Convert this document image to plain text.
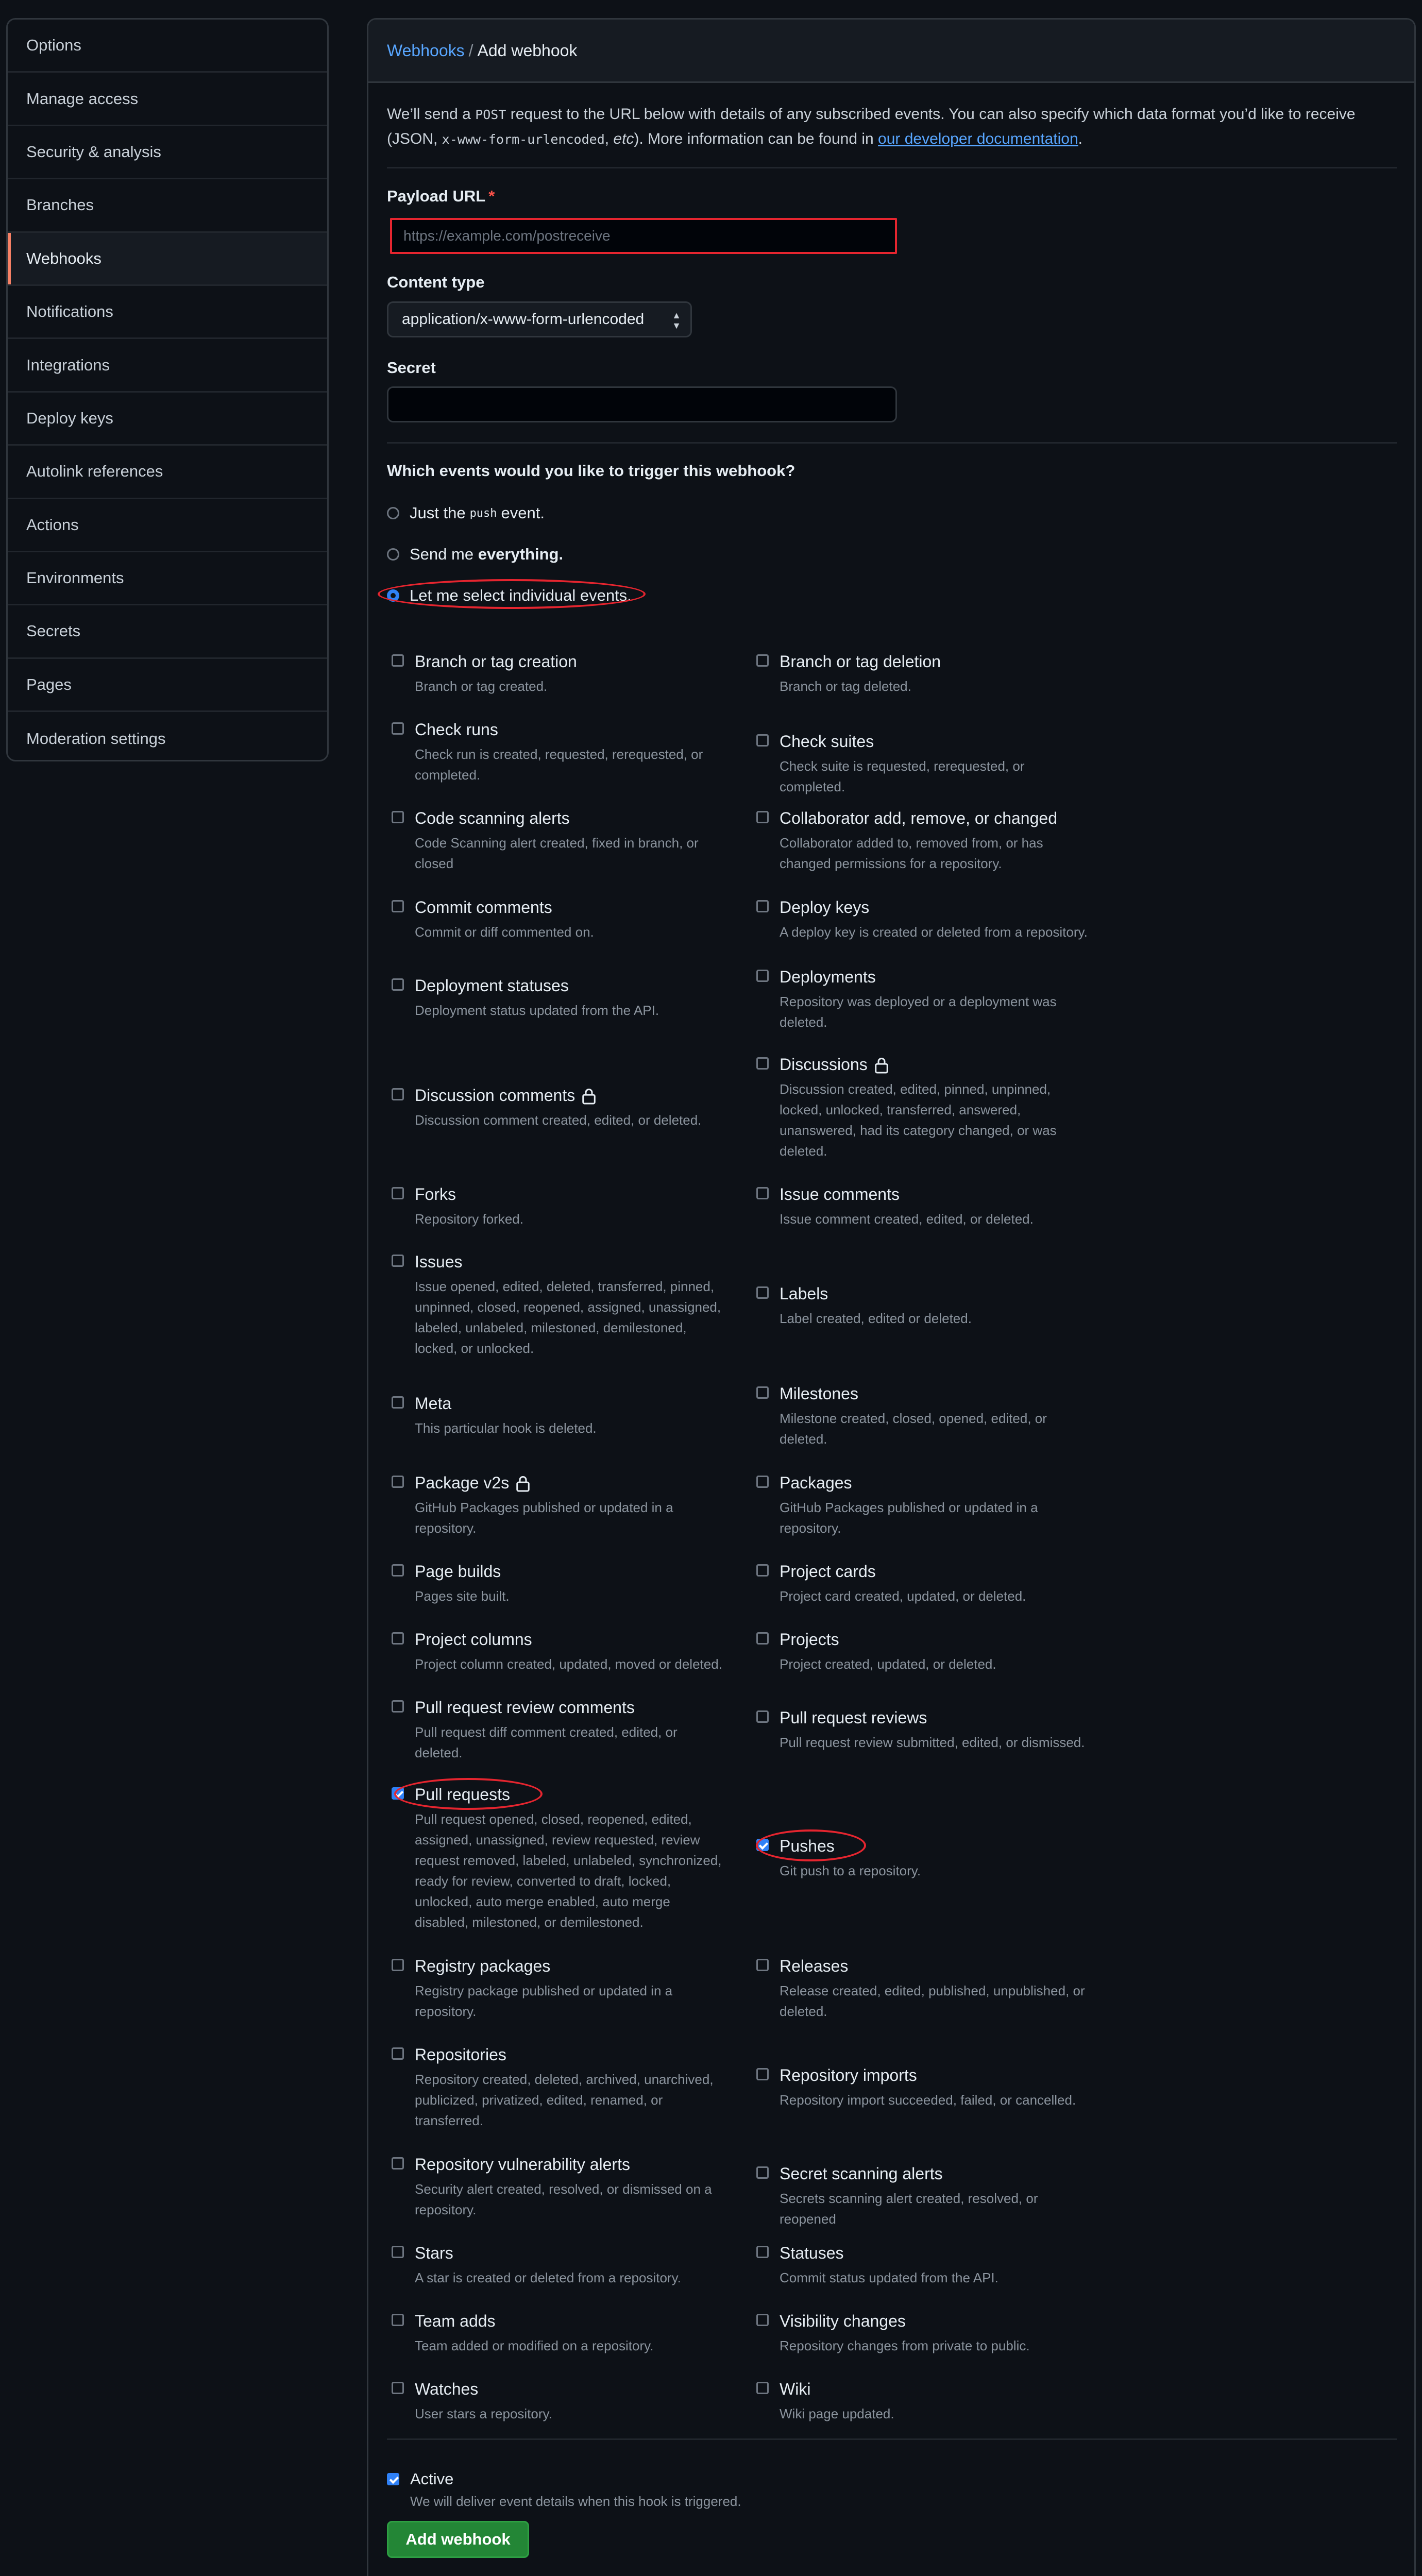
Options
Manage access
Security & analysis
Branches
Webhooks
Notifications
Integrations
Deploy keys
Autolink references
Actions
Environments
Secrets
Pages
Moderation settings
Webhooks / Add webhook
We’ll send a POST request to the URL below with details of any subscribed events. You can also specify which data format you’d like to receive (JSON, x-www-form-urlencoded, etc). More information can be found in our developer documentation.
Payload URL *
https://example.com/postreceive
Content type
application/x-www-form-urlencoded	▲
▼
Secret
Which events would you like to trigger this webhook?
Just the push event.
Send me
everything.
Let me select individual events.
Branch or tag creation
Branch or tag created.
Branch or tag deletion
Branch or tag deleted.
Check runs
Check run is created, requested, rerequested, or completed.
Check suites
Check suite is requested, rerequested, or completed.
Code scanning alerts
Code Scanning alert created, fixed in branch, or closed
Collaborator add, remove, or changed
Collaborator added to, removed from, or has changed permissions for a repository.
Commit comments
Commit or diff commented on.
Deploy keys
A deploy key is created or deleted from a repository.
Deployment statuses
Deployment status updated from the API.
Deployments
Repository was deployed or a deployment was deleted.
Discussion comments
Discussion comment created, edited, or deleted.
Discussions
Discussion created, edited, pinned, unpinned, locked, unlocked, transferred, answered, unanswered, had its category changed, or was deleted.
Forks
Repository forked.
Issue comments
Issue comment created, edited, or deleted.
Issues
Issue opened, edited, deleted, transferred, pinned, unpinned, closed, reopened, assigned, unassigned, labeled, unlabeled, milestoned, demilestoned, locked, or unlocked.
Labels
Label created, edited or deleted.
Meta
This particular hook is deleted.
Milestones
Milestone created, closed, opened, edited, or deleted.
Package v2s
GitHub Packages published or updated in a repository.
Packages
GitHub Packages published or updated in a repository.
Page builds
Pages site built.
Project cards
Project card created, updated, or deleted.
Project columns
Project column created, updated, moved or deleted.
Projects
Project created, updated, or deleted.
Pull request review comments
Pull request diff comment created, edited, or deleted.
Pull request reviews
Pull request review submitted, edited, or dismissed.
Pull requests
Pull request opened, closed, reopened, edited, assigned, unassigned, review requested, review request removed, labeled, unlabeled, synchronized, ready for review, converted to draft, locked, unlocked, auto merge enabled, auto merge disabled, milestoned, or demilestoned.
Pushes
Git push to a repository.
Registry packages
Registry package published or updated in a repository.
Releases
Release created, edited, published, unpublished, or deleted.
Repositories
Repository created, deleted, archived, unarchived, publicized, privatized, edited, renamed, or transferred.
Repository imports
Repository import succeeded, failed, or cancelled.
Repository vulnerability alerts
Security alert created, resolved, or dismissed on a repository.
Secret scanning alerts
Secrets scanning alert created, resolved, or reopened
Stars
A star is created or deleted from a repository.
Statuses
Commit status updated from the API.
Team adds
Team added or modified on a repository.
Visibility changes
Repository changes from private to public.
Watches
User stars a repository.
Wiki
Wiki page updated.
Active
We will deliver event details when this hook is triggered.
Add webhook
